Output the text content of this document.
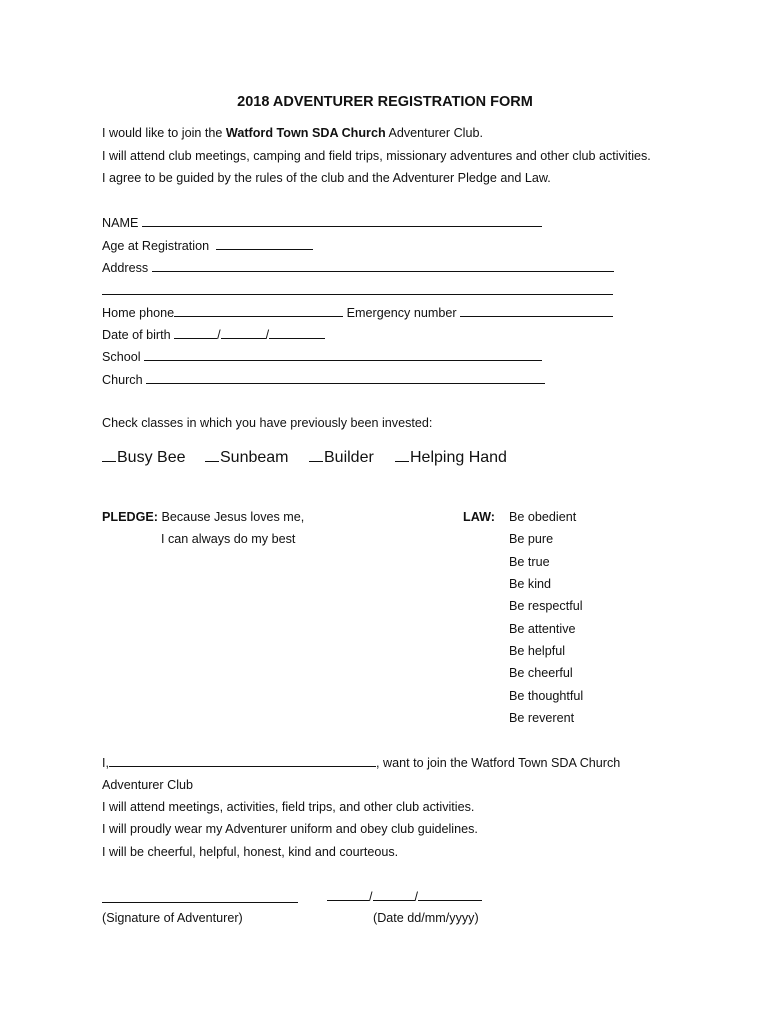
2018 ADVENTURER REGISTRATION FORM
I would like to join the Watford Town SDA Church Adventurer Club.
I will attend club meetings, camping and field trips, missionary adventures and other club activities.
I agree to be guided by the rules of the club and the Adventurer Pledge and Law.
NAME
Age at Registration
Address
Home phone	Emergency number
Date of birth	/	/
School
Church
Check classes in which you have previously been invested:
Busy Bee	Sunbeam	Builder	Helping Hand
PLEDGE: Because Jesus loves me,
I can always do my best
LAW: Be obedient
Be pure
Be true
Be kind
Be respectful
Be attentive
Be helpful
Be cheerful
Be thoughtful
Be reverent
I,	, want to join the Watford Town SDA Church
Adventurer Club
I will attend meetings, activities, field trips, and other club activities.
I will proudly wear my Adventurer uniform and obey club guidelines.
I will be cheerful, helpful, honest, kind and courteous.
/	/
(Signature of Adventurer)	(Date dd/mm/yyyy)
